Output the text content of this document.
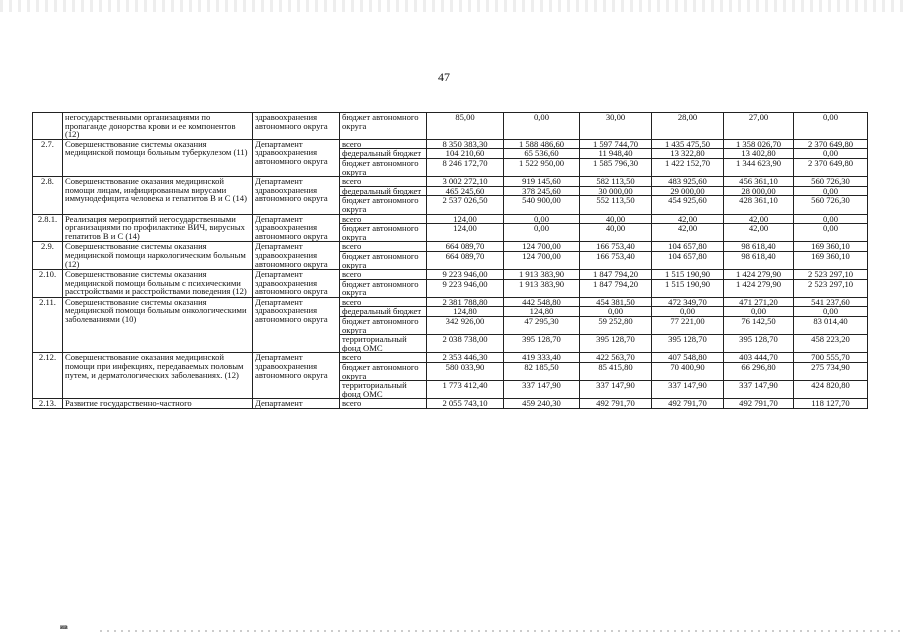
47
	негосударственными организациями по пропаганде донорства крови и ее компонентов (12)	здравоохранения автономного округа	бюджет автономного округа	85,00	0,00	30,00	28,00	27,00	0,00
2.7.	Совершенствование системы оказания медицинской помощи больным туберкулезом (11)	Департамент здравоохранения автономного округа	всего	8 350 383,30	1 588 486,60	1 597 744,70	1 435 475,50	1 358 026,70	2 370 649,80
			федеральный бюджет	104 210,60	65 536,60	11 948,40	13 322,80	13 402,80	0,00
			бюджет автономного округа	8 246 172,70	1 522 950,00	1 585 796,30	1 422 152,70	1 344 623,90	2 370 649,80
2.8.	Совершенствование оказания медицинской помощи лицам, инфицированным вирусами иммунодефицита человека и гепатитов В и С (14)	Департамент здравоохранения автономного округа	всего	3 002 272,10	919 145,60	582 113,50	483 925,60	456 361,10	560 726,30
			федеральный бюджет	465 245,60	378 245,60	30 000,00	29 000,00	28 000,00	0,00
			бюджет автономного округа	2 537 026,50	540 900,00	552 113,50	454 925,60	428 361,10	560 726,30
2.8.1.	Реализация мероприятий негосударственными организациями по профилактике ВИЧ, вирусных гепатитов В и С (14)	Департамент здравоохранения автономного округа	всего	124,00	0,00	40,00	42,00	42,00	0,00
			бюджет автономного округа	124,00	0,00	40,00	42,00	42,00	0,00
2.9.	Совершенствование системы оказания медицинской помощи наркологическим больным (12)	Департамент здравоохранения автономного округа	всего	664 089,70	124 700,00	166 753,40	104 657,80	98 618,40	169 360,10
			бюджет автономного округа	664 089,70	124 700,00	166 753,40	104 657,80	98 618,40	169 360,10
2.10.	Совершенствование системы оказания медицинской помощи больным с психическими расстройствами и расстройствами поведения (12)	Департамент здравоохранения автономного округа	всего	9 223 946,00	1 913 383,90	1 847 794,20	1 515 190,90	1 424 279,90	2 523 297,10
			бюджет автономного округа	9 223 946,00	1 913 383,90	1 847 794,20	1 515 190,90	1 424 279,90	2 523 297,10
2.11.	Совершенствование системы оказания медицинской помощи больным онкологическими заболеваниями (10)	Департамент здравоохранения автономного округа	всего	2 381 788,80	442 548,80	454 381,50	472 349,70	471 271,20	541 237,60
			федеральный бюджет	124,80	124,80	0,00	0,00	0,00	0,00
			бюджет автономного округа	342 926,00	47 295,30	59 252,80	77 221,00	76 142,50	83 014,40
			территориальный фонд ОМС	2 038 738,00	395 128,70	395 128,70	395 128,70	395 128,70	458 223,20
2.12.	Совершенствование оказания медицинской помощи при инфекциях, передаваемых половым путем, и дерматологических заболеваниях. (12)	Департамент здравоохранения автономного округа	всего	2 353 446,30	419 333,40	422 563,70	407 548,80	403 444,70	700 555,70
			бюджет автономного округа	580 033,90	82 185,50	85 415,80	70 400,90	66 296,80	275 734,90
			территориальный фонд ОМС	1 773 412,40	337 147,90	337 147,90	337 147,90	337 147,90	424 820,80
2.13.	Развитие государственно-частного	Департамент	всего	2 055 743,10	459 240,30	492 791,70	492 791,70	492 791,70	118 127,70
ив
